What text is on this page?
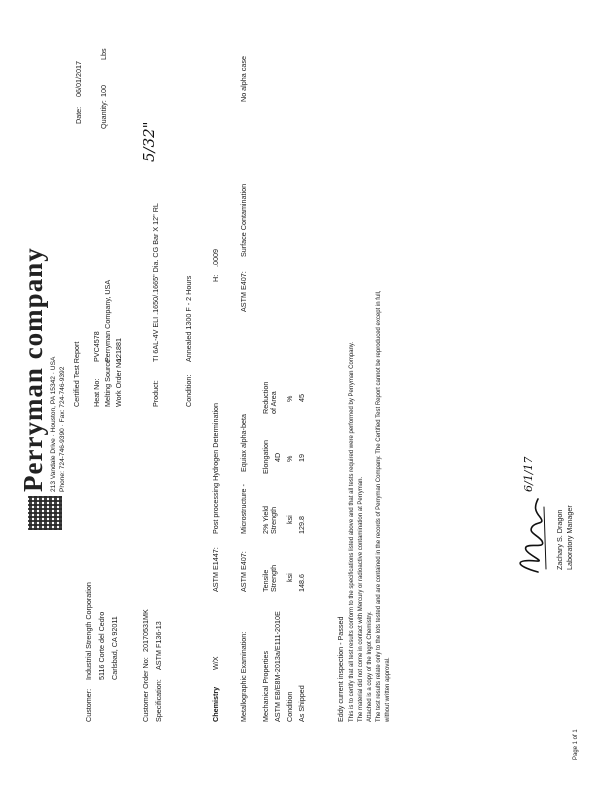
Perryman company 213 Vandale Drive · Houston, PA 15342 · USA Phone: 724-746-9390 · Fax: 724-746-9392 Certified Test Report
Date:
06/01/2017
Customer:
Industrial Strength Corporation 5116 Corte del Cedro Carlsbad, CA 92011
Heat No:
PVC4578
Melting Source:
Perryman Company, USA
Work Order No:
121881
Quantity:
100
Lbs
Customer Order No:
20170531MK
Specification:
ASTM F136-13
Product:
TI 6AL-4V ELI .1650/.1665" Dia. CG Bar X 12" RL
5/32"
Condition:
Annealed 1300 F - 2 Hours
Chemistry
W/X
ASTM E1447:
Post processing Hydrogen Determination
H:
.0009
Metallographic Examination:
ASTM E407:
Microstructure -
Equiax alpha-beta
ASTM E407:
Surface Contamination
No alpha case
Mechanical Properties ASTM E8/E8M-2013a/E111-2010E Condition As Shipped
Tensile Strength
2% Yield Strength
Elongation
Reduction of Area
4D
ksi
ksi
%
%
148.6
129.8
19
45
Eddy current inspection - Passed This is to certify that all test results conform to the specifications listed above and that all tests required were performed by Perryman Company. The material did not come in contact with Mercury or radioactive contamination at Perryman. Attached is a copy of the Ingot Chemistry. The test results relate only to the lots tested and are contained in the records of Perryman Company. The Certified Test Report cannot be reproduced except in full, without written approval.
6/1/17
Zachary S. Dragon Laboratory Manager
Page 1 of 1
